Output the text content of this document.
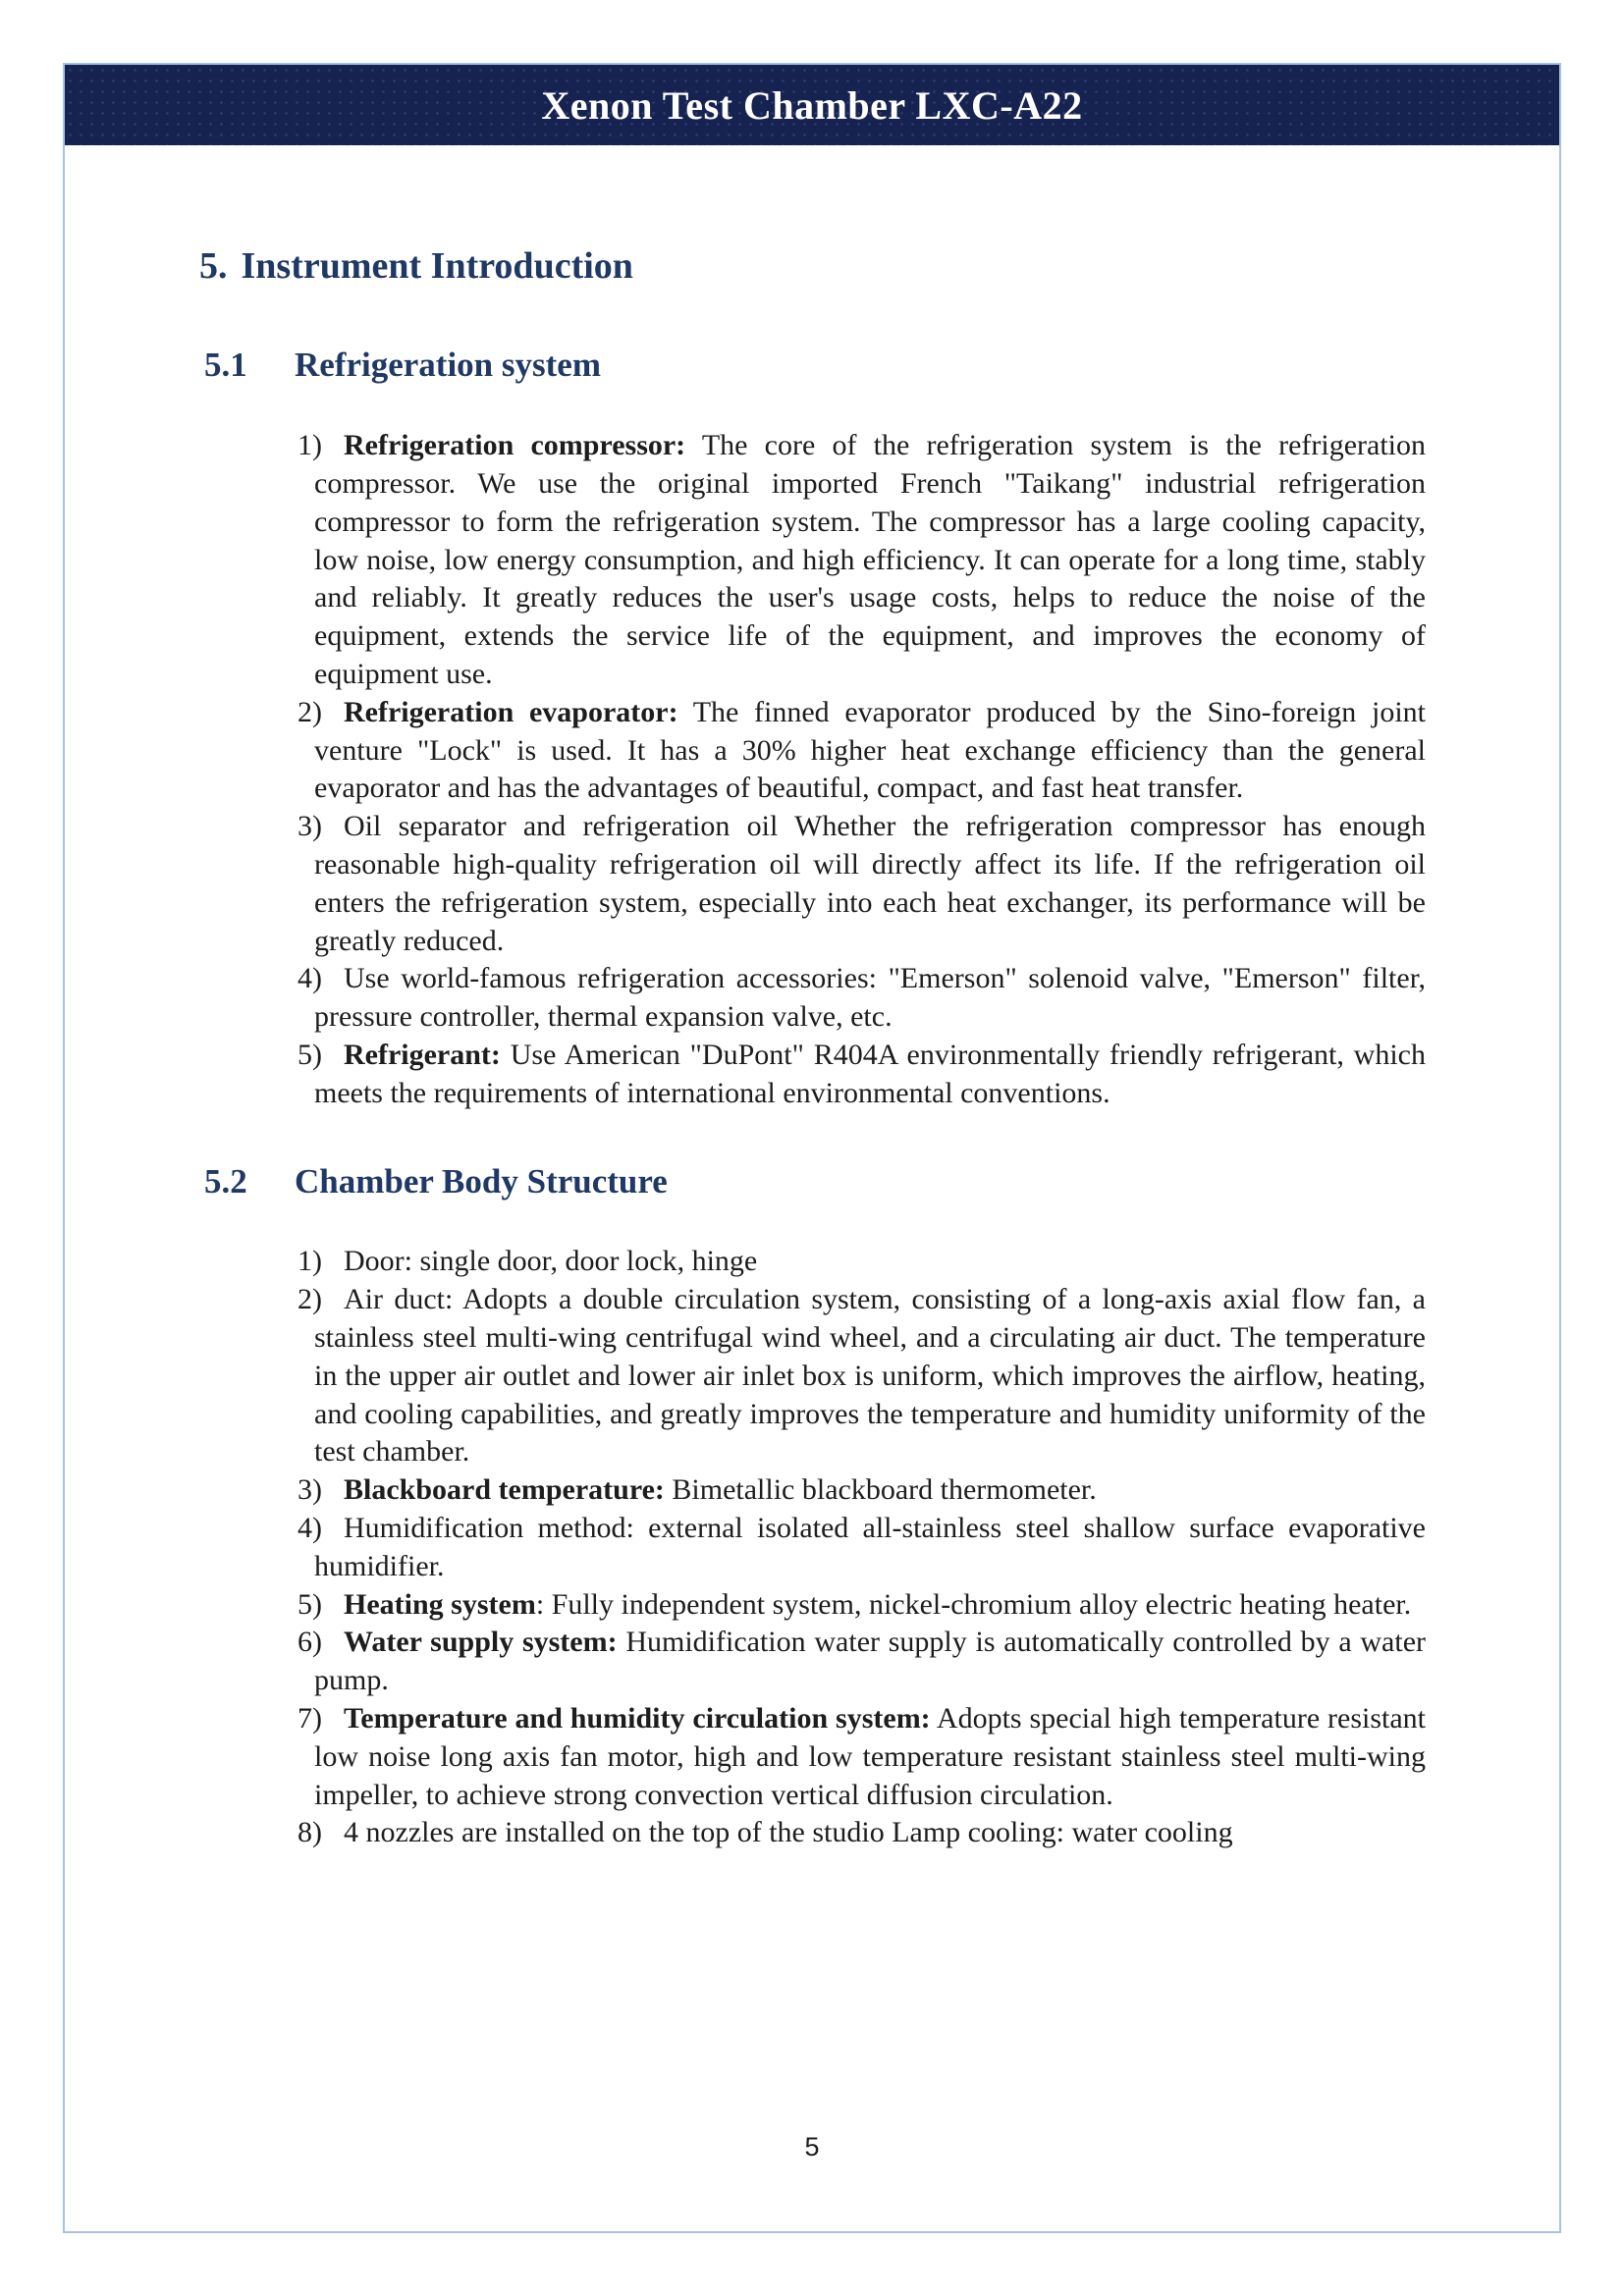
Xenon Test Chamber LXC-A22
5. Instrument Introduction
5.1 Refrigeration system
1) Refrigeration compressor: The core of the refrigeration system is the refrigeration compressor. We use the original imported French "Taikang" industrial refrigeration compressor to form the refrigeration system. The compressor has a large cooling capacity, low noise, low energy consumption, and high efficiency. It can operate for a long time, stably and reliably. It greatly reduces the user's usage costs, helps to reduce the noise of the equipment, extends the service life of the equipment, and improves the economy of equipment use.
2) Refrigeration evaporator: The finned evaporator produced by the Sino-foreign joint venture "Lock" is used. It has a 30% higher heat exchange efficiency than the general evaporator and has the advantages of beautiful, compact, and fast heat transfer.
3) Oil separator and refrigeration oil Whether the refrigeration compressor has enough reasonable high-quality refrigeration oil will directly affect its life. If the refrigeration oil enters the refrigeration system, especially into each heat exchanger, its performance will be greatly reduced.
4) Use world-famous refrigeration accessories: "Emerson" solenoid valve, "Emerson" filter, pressure controller, thermal expansion valve, etc.
5) Refrigerant: Use American "DuPont" R404A environmentally friendly refrigerant, which meets the requirements of international environmental conventions.
5.2 Chamber Body Structure
1) Door: single door, door lock, hinge
2) Air duct: Adopts a double circulation system, consisting of a long-axis axial flow fan, a stainless steel multi-wing centrifugal wind wheel, and a circulating air duct. The temperature in the upper air outlet and lower air inlet box is uniform, which improves the airflow, heating, and cooling capabilities, and greatly improves the temperature and humidity uniformity of the test chamber.
3) Blackboard temperature: Bimetallic blackboard thermometer.
4) Humidification method: external isolated all-stainless steel shallow surface evaporative humidifier.
5) Heating system: Fully independent system, nickel-chromium alloy electric heating heater.
6) Water supply system: Humidification water supply is automatically controlled by a water pump.
7) Temperature and humidity circulation system: Adopts special high temperature resistant low noise long axis fan motor, high and low temperature resistant stainless steel multi-wing impeller, to achieve strong convection vertical diffusion circulation.
8) 4 nozzles are installed on the top of the studio Lamp cooling: water cooling
5
